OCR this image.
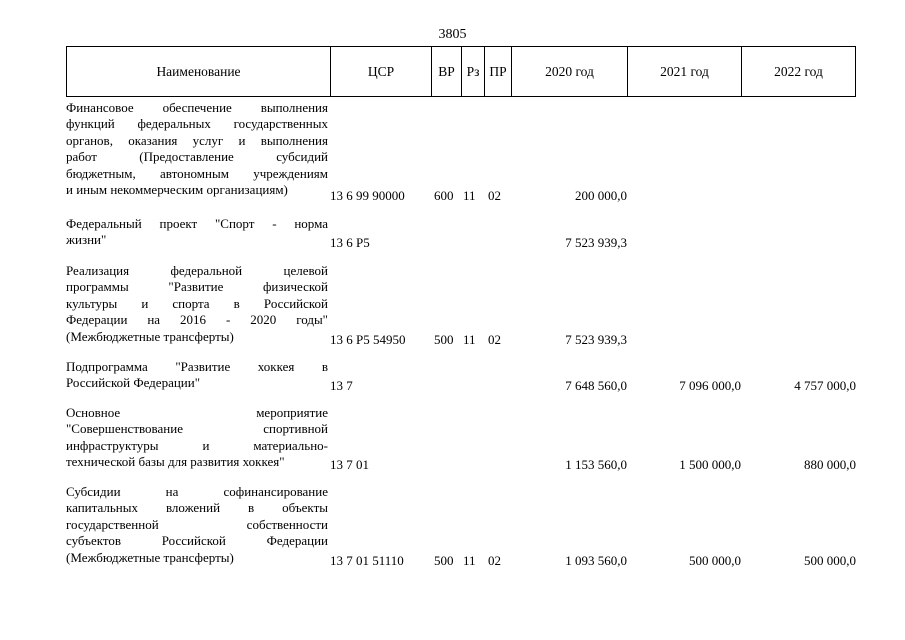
3805
Наименование	ЦСР	ВР Рз ПР	2020 год	2021 год	2022 год
Финансовое обеспечение выполнения
функций федеральных государственных
органов, оказания услуг и выполнения
работ (Предоставление субсидий
бюджетным, автономным учреждениям
и иным некоммерческим организациям)	13 6 99 90000 600 11 02	200 000,0
Федеральный проект "Спорт - норма
жизни"	13 6 P5	7 523 939,3
Реализация федеральной целевой
программы "Развитие физической
культуры и спорта в Российской
Федерации на 2016 - 2020 годы"
(Межбюджетные трансферты)	13 6 P5 54950 500 11 02	7 523 939,3
Подпрограмма "Развитие хоккея в
Российской Федерации"	13 7	7 648 560,0	7 096 000,0	4 757 000,0
Основное мероприятие
"Совершенствование спортивной
инфраструктуры и материально-
технической базы для развития хоккея"	13 7 01	1 153 560,0	1 500 000,0	880 000,0
Субсидии на софинансирование
капитальных вложений в объекты
государственной собственности
субъектов Российской Федерации
(Межбюджетные трансферты)	13 7 01 51110 500 11 02	1 093 560,0	500 000,0	500 000,0
